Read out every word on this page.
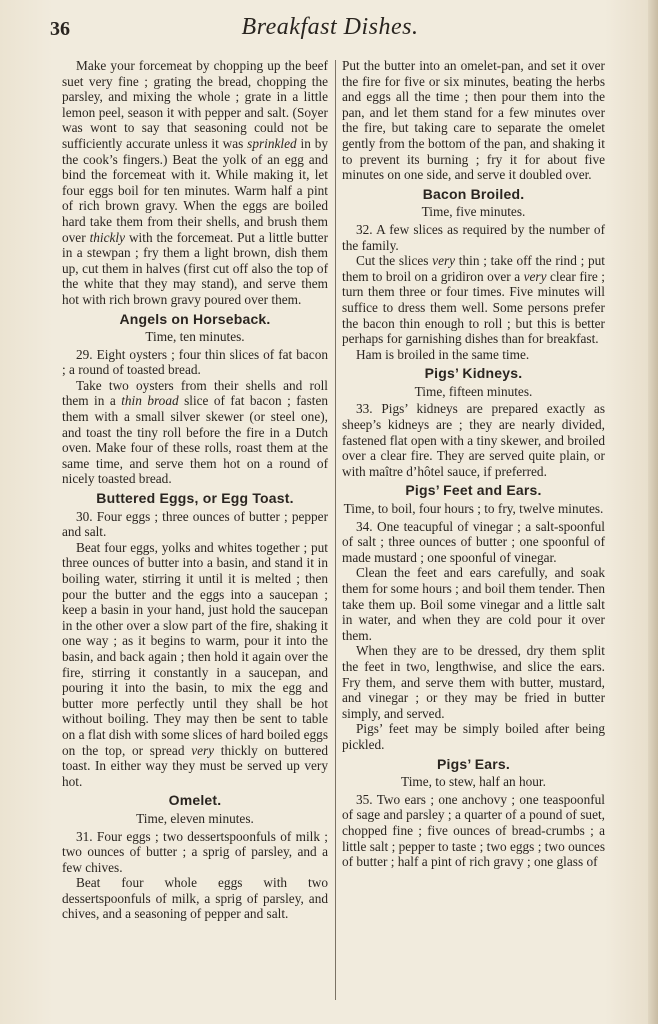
36	Breakfast Dishes.

Make your forcemeat by chopping up the beef suet very fine ; grating the bread, chopping the parsley, and mixing the whole ; grate in a little lemon peel, season it with pepper and salt. (Soyer was wont to say that seasoning could not be sufficiently accurate unless it was sprinkled in by the cook’s fingers.) Beat the yolk of an egg and bind the forcemeat with it. While making it, let four eggs boil for ten minutes. Warm half a pint of rich brown gravy. When the eggs are boiled hard take them from their shells, and brush them over thickly with the forcemeat. Put a little butter in a stewpan ; fry them a light brown, dish them up, cut them in halves (first cut off also the top of the white that they may stand), and serve them hot with rich brown gravy poured over them.

Angels on Horseback.
Time, ten minutes.

29. Eight oysters ; four thin slices of fat bacon ; a round of toasted bread.

Take two oysters from their shells and roll them in a thin broad slice of fat bacon ; fasten them with a small silver skewer (or steel one), and toast the tiny roll before the fire in a Dutch oven. Make four of these rolls, roast them at the same time, and serve them hot on a round of nicely toasted bread.

Buttered Eggs, or Egg Toast.

30. Four eggs ; three ounces of butter ; pepper and salt.

Beat four eggs, yolks and whites together ; put three ounces of butter into a basin, and stand it in boiling water, stirring it until it is melted ; then pour the butter and the eggs into a saucepan ; keep a basin in your hand, just hold the saucepan in the other over a slow part of the fire, shaking it one way ; as it begins to warm, pour it into the basin, and back again ; then hold it again over the fire, stirring it constantly in a saucepan, and pouring it into the basin, to mix the egg and butter more perfectly until they shall be hot without boiling. They may then be sent to table on a flat dish with some slices of hard boiled eggs on the top, or spread very thickly on buttered toast. In either way they must be served up very hot.

Omelet.
Time, eleven minutes.

31. Four eggs ; two dessertspoonfuls of milk ; two ounces of butter ; a sprig of parsley, and a few chives.

Beat four whole eggs with two dessertspoonfuls of milk, a sprig of parsley, and chives, and a seasoning of pepper and salt.

Put the butter into an omelet-pan, and set it over the fire for five or six minutes, beating the herbs and eggs all the time ; then pour them into the pan, and let them stand for a few minutes over the fire, but taking care to separate the omelet gently from the bottom of the pan, and shaking it to prevent its burning ; fry it for about five minutes on one side, and serve it doubled over.

Bacon Broiled.
Time, five minutes.

32. A few slices as required by the number of the family.

Cut the slices very thin ; take off the rind ; put them to broil on a gridiron over a very clear fire ; turn them three or four times. Five minutes will suffice to dress them well. Some persons prefer the bacon thin enough to roll ; but this is better perhaps for garnishing dishes than for breakfast.

Ham is broiled in the same time.

Pigs’ Kidneys.
Time, fifteen minutes.

33. Pigs’ kidneys are prepared exactly as sheep’s kidneys are ; they are nearly divided, fastened flat open with a tiny skewer, and broiled over a clear fire. They are served quite plain, or with maître d’hôtel sauce, if preferred.

Pigs’ Feet and Ears.
Time, to boil, four hours ; to fry, twelve minutes.

34. One teacupful of vinegar ; a salt-spoonful of salt ; three ounces of butter ; one spoonful of made mustard ; one spoonful of vinegar.

Clean the feet and ears carefully, and soak them for some hours ; and boil them tender. Then take them up. Boil some vinegar and a little salt in water, and when they are cold pour it over them.

When they are to be dressed, dry them split the feet in two, lengthwise, and slice the ears. Fry them, and serve them with butter, mustard, and vinegar ; or they may be fried in butter simply, and served.

Pigs’ feet may be simply boiled after being pickled.

Pigs’ Ears.
Time, to stew, half an hour.

35. Two ears ; one anchovy ; one teaspoonful of sage and parsley ; a quarter of a pound of suet, chopped fine ; five ounces of bread-crumbs ; a little salt ; pepper to taste ; two eggs ; two ounces of butter ; half a pint of rich gravy ; one glass of
